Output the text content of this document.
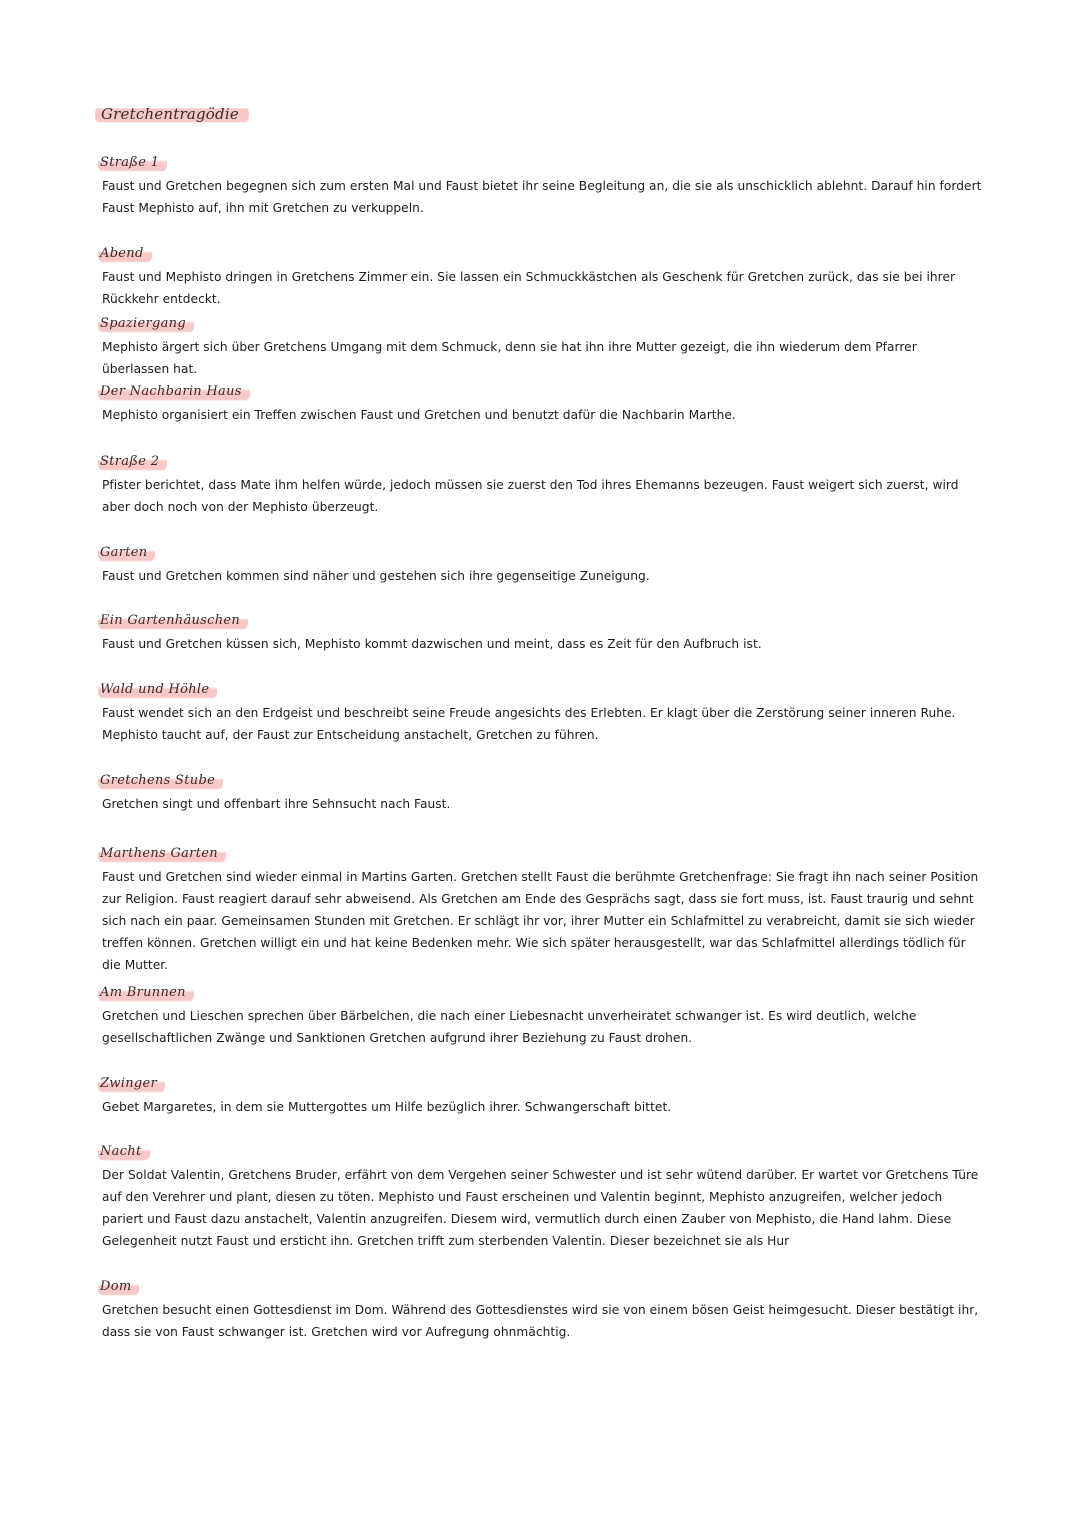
Gretchentragödie
Straße 1

Faust und Gretchen begegnen sich zum ersten Mal und Faust bietet ihr seine Begleitung an, die sie als unschicklich ablehnt. Darauf hin fordert Faust Mephisto auf, ihn mit Gretchen zu verkuppeln.

Abend

Faust und Mephisto dringen in Gretchens Zimmer ein. Sie lassen ein Schmuckkästchen als Geschenk für Gretchen zurück, das sie bei ihrer Rückkehr entdeckt.

Spaziergang

Mephisto ärgert sich über Gretchens Umgang mit dem Schmuck, denn sie hat ihn ihre Mutter gezeigt, die ihn wiederum dem Pfarrer überlassen hat.

Der Nachbarin Haus

Mephisto organisiert ein Treffen zwischen Faust und Gretchen und benutzt dafür die Nachbarin Marthe.

Straße 2

Pfister berichtet, dass Mate ihm helfen würde, jedoch müssen sie zuerst den Tod ihres Ehemanns bezeugen. Faust weigert sich zuerst, wird aber doch noch von der Mephisto überzeugt.

Garten

Faust und Gretchen kommen sind näher und gestehen sich ihre gegenseitige Zuneigung.

Ein Gartenhäuschen

Faust und Gretchen küssen sich, Mephisto kommt dazwischen und meint, dass es Zeit für den Aufbruch ist.

Wald und Höhle

Faust wendet sich an den Erdgeist und beschreibt seine Freude angesichts des Erlebten. Er klagt über die Zerstörung seiner inneren Ruhe.
Mephisto taucht auf, der Faust zur Entscheidung anstachelt, Gretchen zu führen.

Gretchens Stube

Gretchen singt und offenbart ihre Sehnsucht nach Faust.

Marthens Garten

Faust und Gretchen sind wieder einmal in Martins Garten. Gretchen stellt Faust die berühmte Gretchenfrage: Sie fragt ihn nach seiner Position zur Religion. Faust reagiert darauf sehr abweisend. Als Gretchen am Ende des Gesprächs sagt, dass sie fort muss, ist. Faust traurig und sehnt sich nach ein paar. Gemeinsamen Stunden mit Gretchen. Er schlägt ihr vor, ihrer Mutter ein Schlafmittel zu verabreicht, damit sie sich wieder treffen können. Gretchen willigt ein und hat keine Bedenken mehr. Wie sich später herausgestellt, war das Schlafmittel allerdings tödlich für die Mutter.

Am Brunnen

Gretchen und Lieschen sprechen über Bärbelchen, die nach einer Liebesnacht unverheiratet schwanger ist. Es wird deutlich, welche gesellschaftlichen Zwänge und Sanktionen Gretchen aufgrund ihrer Beziehung zu Faust drohen.

Zwinger

Gebet Margaretes, in dem sie Muttergottes um Hilfe bezüglich ihrer. Schwangerschaft bittet.

Nacht

Der Soldat Valentin, Gretchens Bruder, erfährt von dem Vergehen seiner Schwester und ist sehr wütend darüber. Er wartet vor Gretchens Türe auf den Verehrer und plant, diesen zu töten. Mephisto und Faust erscheinen und Valentin beginnt, Mephisto anzugreifen, welcher jedoch pariert und Faust dazu anstachelt, Valentin anzugreifen. Diesem wird, vermutlich durch einen Zauber von Mephisto, die Hand lahm. Diese Gelegenheit nutzt Faust und ersticht ihn. Gretchen trifft zum sterbenden Valentin. Dieser bezeichnet sie als Hur

Dom

Gretchen besucht einen Gottesdienst im Dom. Während des Gottesdienstes wird sie von einem bösen Geist heimgesucht. Dieser bestätigt ihr, dass sie von Faust schwanger ist. Gretchen wird vor Aufregung ohnmächtig.
